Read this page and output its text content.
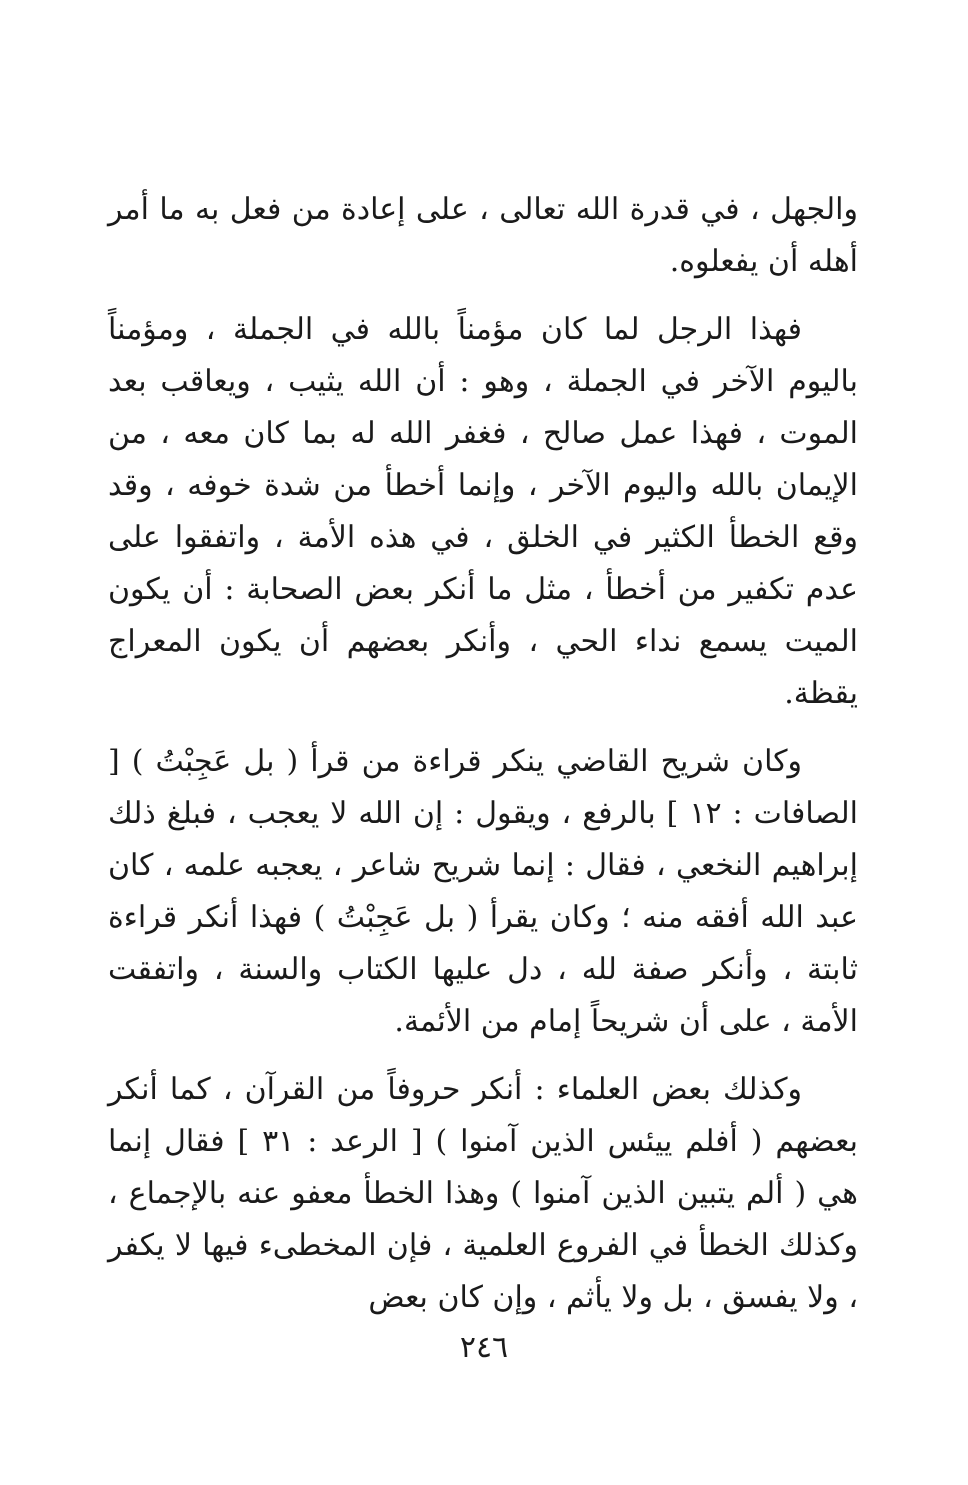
والجهل ، في قدرة الله تعالى ، على إعادة من فعل به ما أمر أهله أن يفعلوه.

فهذا الرجل لما كان مؤمناً بالله في الجملة ، ومؤمناً باليوم الآخر في الجملة ، وهو : أن الله يثيب ، ويعاقب بعد الموت ، فهذا عمل صالح ، فغفر الله له بما كان معه ، من الإيمان بالله واليوم الآخر ، وإنما أخطأ من شدة خوفه ، وقد وقع الخطأ الكثير في الخلق ، في هذه الأمة ، واتفقوا على عدم تكفير من أخطأ ، مثل ما أنكر بعض الصحابة : أن يكون الميت يسمع نداء الحي ، وأنكر بعضهم أن يكون المعراج يقظة.

وكان شريح القاضي ينكر قراءة من قرأ ( بل عَجِبْتُ ) [ الصافات : ١٢ ] بالرفع ، ويقول : إن الله لا يعجب ، فبلغ ذلك إبراهيم النخعي ، فقال : إنما شريح شاعر ، يعجبه علمه ، كان عبد الله أفقه منه ؛ وكان يقرأ ( بل عَجِبْتُ ) فهذا أنكر قراءة ثابتة ، وأنكر صفة لله ، دل عليها الكتاب والسنة ، واتفقت الأمة ، على أن شريحاً إمام من الأئمة.

وكذلك بعض العلماء : أنكر حروفاً من القرآن ، كما أنكر بعضهم ( أفلم ييئس الذين آمنوا ) [ الرعد : ٣١ ] فقال إنما هي ( ألم يتبين الذين آمنوا ) وهذا الخطأ معفو عنه بالإجماع ، وكذلك الخطأ في الفروع العلمية ، فإن المخطىء فيها لا يكفر ، ولا يفسق ، بل ولا يأثم ، وإن كان بعض

٢٤٦
